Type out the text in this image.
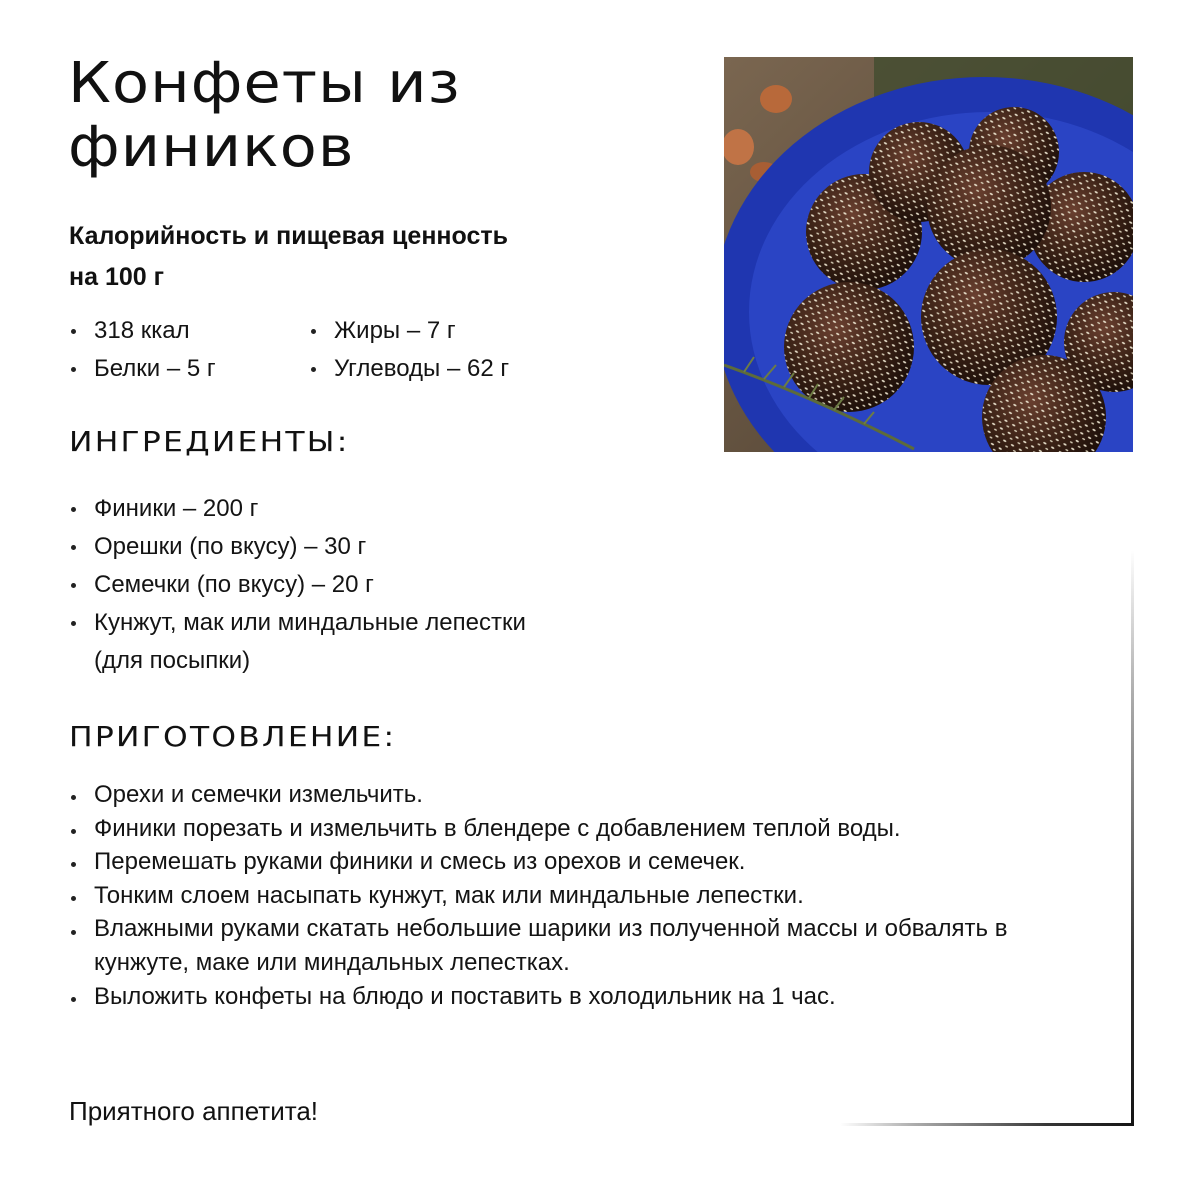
Конфеты из
фиников
Калорийность и пищевая ценность
на 100 г
318 ккал
Белки – 5 г
Жиры – 7 г
Углеводы – 62 г
ИНГРЕДИЕНТЫ:
Финики – 200 г
Орешки (по вкусу) – 30 г
Семечки (по вкусу) – 20 г
Кунжут, мак или миндальные лепестки (для посыпки)
ПРИГОТОВЛЕНИЕ:
Орехи и семечки измельчить.
Финики порезать и измельчить в блендере с добавлением теплой воды.
Перемешать руками финики и смесь из орехов и семечек.
Тонким слоем насыпать кунжут, мак или миндальные лепестки.
Влажными руками скатать небольшие шарики из полученной массы и обвалять в кунжуте, маке или миндальных лепестках.
Выложить конфеты на блюдо и поставить в холодильник на 1 час.
Приятного аппетита!
